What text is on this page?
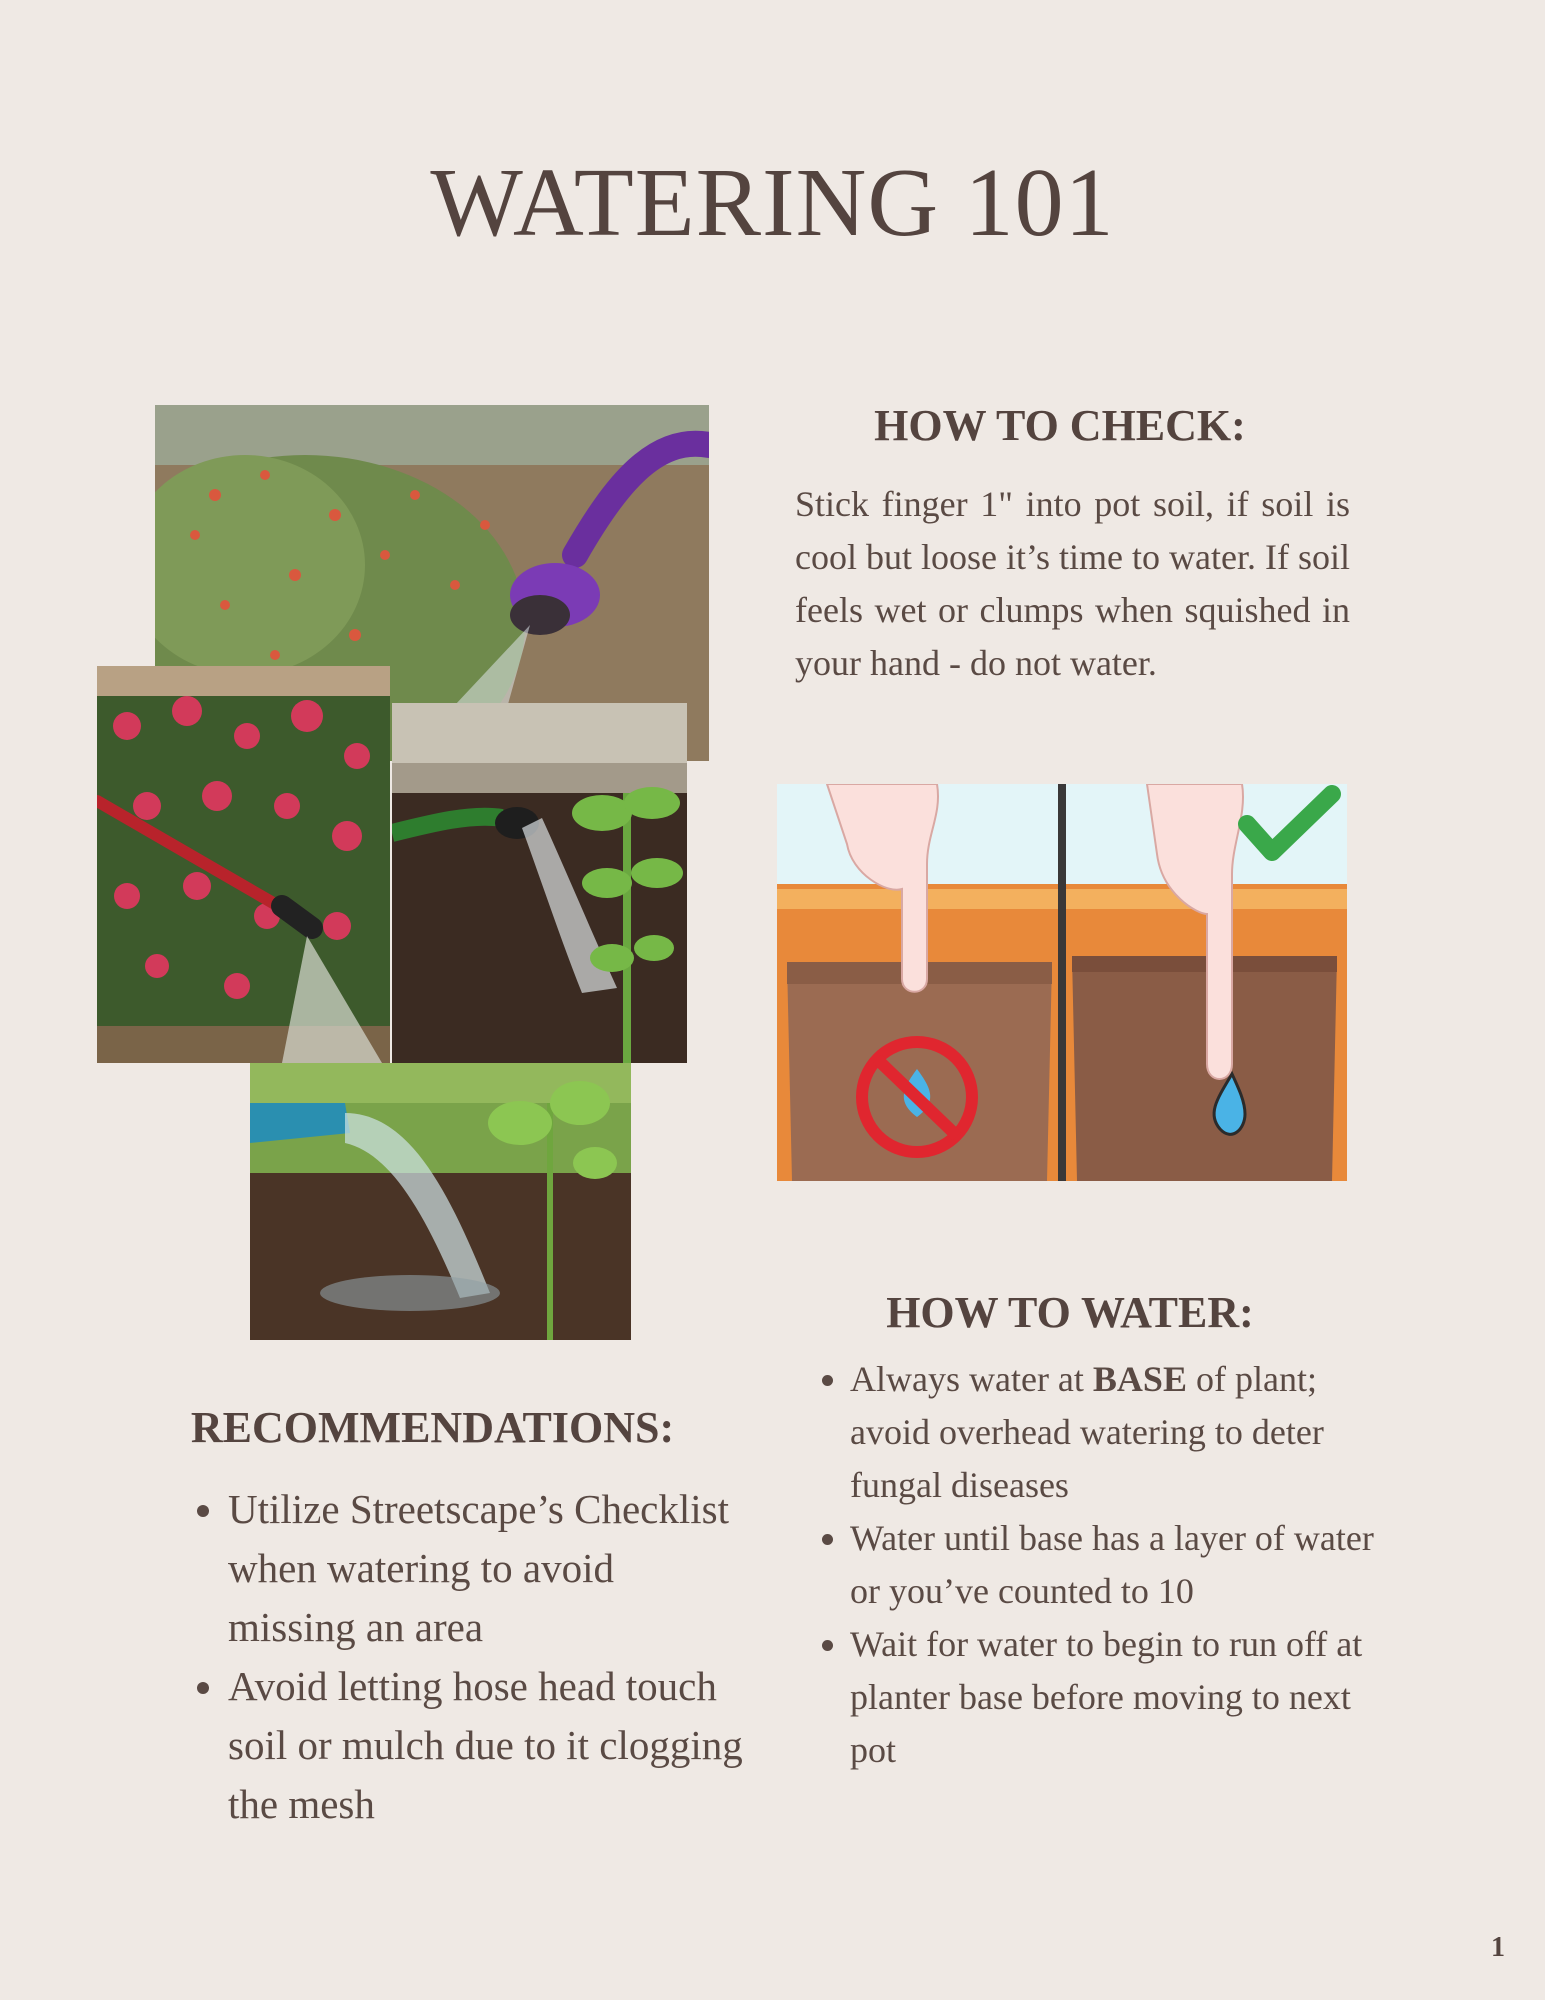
WATERING 101
HOW TO CHECK:

Stick finger 1" into pot soil, if soil is cool but loose it’s time to water. If soil feels wet or clumps when squished in your hand - do not water.

HOW TO WATER:
• Always water at BASE of plant; avoid overhead watering to deter fungal diseases
• Water until base has a layer of water or you’ve counted to 10
• Wait for water to begin to run off at planter base before moving to next pot
RECOMMENDATIONS:
• Utilize Streetscape’s Checklist when watering to avoid missing an area
• Avoid letting hose head touch soil or mulch due to it clogging the mesh
1
